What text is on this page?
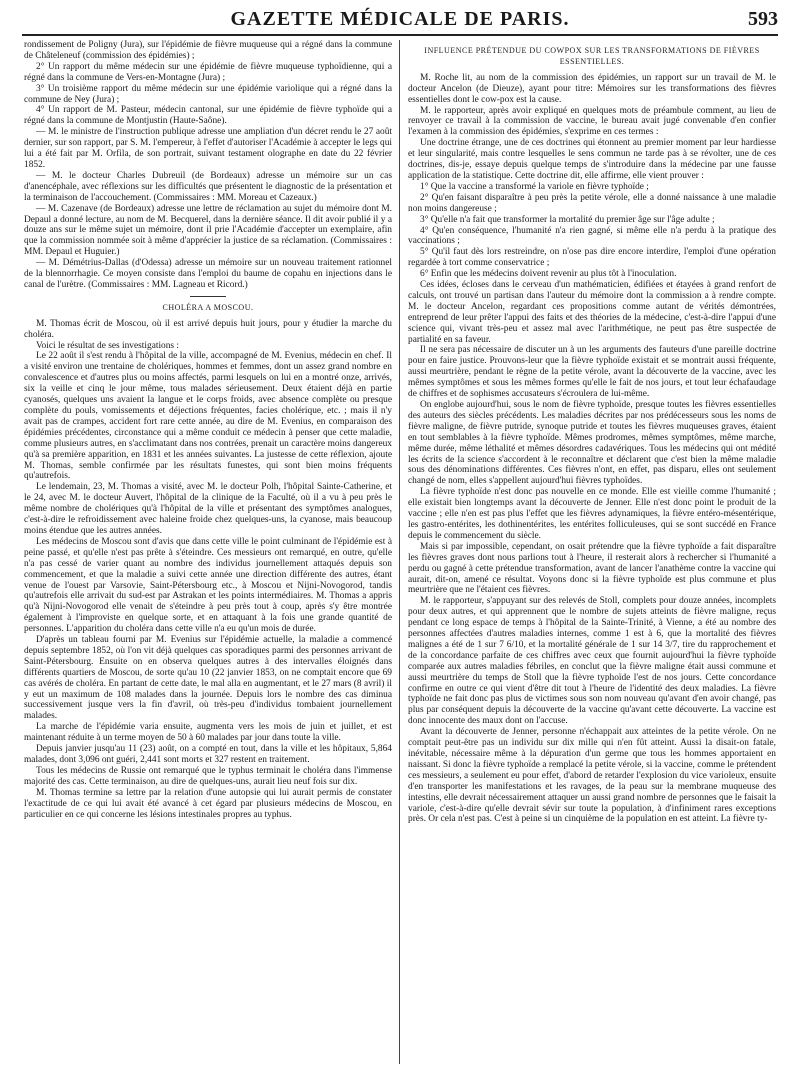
GAZETTE MÉDICALE DE PARIS.	593

rondissement de Poligny (Jura), sur l'épidémie de fièvre muqueuse qui a régné dans la commune de Châteleneuf (commission des épidémies) ;

2° Un rapport du même médecin sur une épidémie de fièvre muqueuse typhoïdienne, qui a régné dans la commune de Vers-en-Montagne (Jura) ;

3° Un troisième rapport du même médecin sur une épidémie variolique qui a régné dans la commune de Ney (Jura) ;

4° Un rapport de M. Pasteur, médecin cantonal, sur une épidémie de fièvre typhoïde qui a régné dans la commune de Montjustin (Haute-Saône).

— M. le ministre de l'instruction publique adresse une ampliation d'un décret rendu le 27 août dernier, sur son rapport, par S. M. l'empereur, à l'effet d'autoriser l'Académie à accepter le legs qui lui a été fait par M. Orfila, de son portrait, suivant testament olographe en date du 22 février 1852.

— M. le docteur Charles Dubreuil (de Bordeaux) adresse un mémoire sur un cas d'anencéphale, avec réflexions sur les difficultés que présentent le diagnostic de la présentation et la terminaison de l'accouchement. (Commissaires : MM. Moreau et Cazeaux.)

— M. Cazenave (de Bordeaux) adresse une lettre de réclamation au sujet du mémoire dont M. Depaul a donné lecture, au nom de M. Becquerel, dans la dernière séance. Il dit avoir publié il y a douze ans sur le même sujet un mémoire, dont il prie l'Académie d'accepter un exemplaire, afin que la commission nommée soit à même d'apprécier la justice de sa réclamation. (Commissaires : MM. Depaul et Huguier.)

— M. Démétrius-Dallas (d'Odessa) adresse un mémoire sur un nouveau traitement rationnel de la blennorrhagie. Ce moyen consiste dans l'emploi du baume de copahu en injections dans le canal de l'urètre. (Commissaires : MM. Lagneau et Ricord.)

CHOLÉRA A MOSCOU.

M. Thomas écrit de Moscou, où il est arrivé depuis huit jours, pour y étudier la marche du choléra.

Voici le résultat de ses investigations :

Le 22 août il s'est rendu à l'hôpital de la ville, accompagné de M. Evenius, médecin en chef. Il a visité environ une trentaine de cholériques, hommes et femmes, dont un assez grand nombre en convalescence et d'autres plus ou moins affectés, parmi lesquels on lui en a montré onze, arrivés, six la veille et cinq le jour même, tous malades sérieusement. Deux étaient déjà en partie cyanosés, quelques uns avaient la langue et le corps froids, avec absence complète ou presque complète du pouls, vomissements et déjections fréquentes, facies cholérique, etc. ; mais il n'y avait pas de crampes, accident fort rare cette année, au dire de M. Evenius, en comparaison des épidémies précédentes, circonstance qui a même conduit ce médecin à penser que cette maladie, comme plusieurs autres, en s'acclimatant dans nos contrées, prenait un caractère moins dangereux qu'à sa première apparition, en 1831 et les années suivantes. La justesse de cette réflexion, ajoute M. Thomas, semble confirmée par les résultats funestes, qui sont bien moins fréquents qu'autrefois.

Le lendemain, 23, M. Thomas a visité, avec M. le docteur Polh, l'hôpital Sainte-Catherine, et le 24, avec M. le docteur Auvert, l'hôpital de la clinique de la Faculté, où il a vu à peu près le même nombre de cholériques qu'à l'hôpital de la ville et présentant des symptômes analogues, c'est-à-dire le refroidissement avec haleine froide chez quelques-uns, la cyanose, mais beaucoup moins étendue que les autres années.

Les médecins de Moscou sont d'avis que dans cette ville le point culminant de l'épidémie est à peine passé, et qu'elle n'est pas prête à s'éteindre. Ces messieurs ont remarqué, en outre, qu'elle n'a pas cessé de varier quant au nombre des individus journellement attaqués depuis son commencement, et que la maladie a suivi cette année une direction différente des autres, étant venue de l'ouest par Varsovie, Saint-Pétersbourg etc., à Moscou et Nijni-Novogorod, tandis qu'autrefois elle arrivait du sud-est par Astrakan et les points intermédiaires. M. Thomas a appris qu'à Nijni-Novogorod elle venait de s'éteindre à peu près tout à coup, après s'y être montrée également à l'improviste en quelque sorte, et en attaquant à la fois une grande quantité de personnes. L'apparition du choléra dans cette ville n'a eu qu'un mois de durée.

D'après un tableau fourni par M. Evenius sur l'épidémie actuelle, la maladie a commencé depuis septembre 1852, où l'on vit déjà quelques cas sporadiques parmi des personnes arrivant de Saint-Pétersbourg. Ensuite on en observa quelques autres à des intervalles éloignés dans différents quartiers de Moscou, de sorte qu'au 10 (22 janvier 1853, on ne comptait encore que 69 cas avérés de choléra. En partant de cette date, le mal alla en augmentant, et le 27 mars (8 avril) il y eut un maximum de 108 malades dans la journée. Depuis lors le nombre des cas diminua successivement jusque vers la fin d'avril, où très-peu d'individus tombaient journellement malades.

La marche de l'épidémie varia ensuite, augmenta vers les mois de juin et juillet, et est maintenant réduite à un terme moyen de 50 à 60 malades par jour dans toute la ville.

Depuis janvier jusqu'au 11 (23) août, on a compté en tout, dans la ville et les hôpitaux, 5,864 malades, dont 3,096 ont guéri, 2,441 sont morts et 327 restent en traitement.

Tous les médecins de Russie ont remarqué que le typhus terminait le choléra dans l'immense majorité des cas. Cette terminaison, au dire de quelques-uns, aurait lieu neuf fois sur dix.

M. Thomas termine sa lettre par la relation d'une autopsie qui lui aurait permis de constater l'exactitude de ce qui lui avait été avancé à cet égard par plusieurs médecins de Moscou, en particulier en ce qui concerne les lésions intestinales propres au typhus.

INFLUENCE PRÉTENDUE DU COWPOX SUR LES TRANSFORMATIONS DE FIÈVRES ESSENTIELLES.

M. Roche lit, au nom de la commission des épidémies, un rapport sur un travail de M. le docteur Ancelon (de Dieuze), ayant pour titre: Mémoires sur les transformations des fièvres essentielles dont le cow-pox est la cause.

M. le rapporteur, après avoir expliqué en quelques mots de préambule comment, au lieu de renvoyer ce travail à la commission de vaccine, le bureau avait jugé convenable d'en confier l'examen à la commission des épidémies, s'exprime en ces termes :

Une doctrine étrange, une de ces doctrines qui étonnent au premier moment par leur hardiesse et leur singularité, mais contre lesquelles le sens commun ne tarde pas à se révolter, une de ces doctrines, dis-je, essaye depuis quelque temps de s'introduire dans la médecine par une fausse application de la statistique. Cette doctrine dit, elle affirme, elle vient prouver :

1° Que la vaccine a transformé la variole en fièvre typhoïde ;

2° Qu'en faisant disparaître à peu près la petite vérole, elle a donné naissance à une maladie non moins dangereuse ;

3° Qu'elle n'a fait que transformer la mortalité du premier âge sur l'âge adulte ;

4° Qu'en conséquence, l'humanité n'a rien gagné, si même elle n'a perdu à la pratique des vaccinations ;

5° Qu'il faut dès lors restreindre, on n'ose pas dire encore interdire, l'emploi d'une opération regardée à tort comme conservatrice ;

6° Enfin que les médecins doivent revenir au plus tôt à l'inoculation.

Ces idées, écloses dans le cerveau d'un mathématicien, édifiées et étayées à grand renfort de calculs, ont trouvé un partisan dans l'auteur du mémoire dont la commission a à rendre compte. M. le docteur Ancelon, regardant ces propositions comme autant de vérités démontrées, entreprend de leur prêter l'appui des faits et des théories de la médecine, c'est-à-dire l'appui d'une science qui, vivant très-peu et assez mal avec l'arithmétique, ne peut pas être suspectée de partialité en sa faveur.

Il ne sera pas nécessaire de discuter un à un les arguments des fauteurs d'une pareille doctrine pour en faire justice. Prouvons-leur que la fièvre typhoïde existait et se montrait aussi fréquente, aussi meurtrière, pendant le règne de la petite vérole, avant la découverte de la vaccine, avec les mêmes symptômes et sous les mêmes formes qu'elle le fait de nos jours, et tout leur échafaudage de chiffres et de sophismes accusateurs s'écroulera de lui-même.

On englobe aujourd'hui, sous le nom de fièvre typhoïde, presque toutes les fièvres essentielles des auteurs des siècles précédents. Les maladies décrites par nos prédécesseurs sous les noms de fièvre maligne, de fièvre putride, synoque putride et toutes les fièvres muqueuses graves, étaient en tout semblables à la fièvre typhoïde. Mêmes prodromes, mêmes symptômes, même marche, même durée, même léthalité et mêmes désordres cadavériques. Tous les médecins qui ont médité les écrits de la science s'accordent à le reconnaître et déclarent que c'est bien la même maladie sous des dénominations différentes. Ces fièvres n'ont, en effet, pas disparu, elles ont seulement changé de nom, elles s'appellent aujourd'hui fièvres typhoïdes.

La fièvre typhoïde n'est donc pas nouvelle en ce monde. Elle est vieille comme l'humanité ; elle existait bien longtemps avant la découverte de Jenner. Elle n'est donc point le produit de la vaccine ; elle n'en est pas plus l'effet que les fièvres adynamiques, la fièvre entéro-mésentérique, les gastro-entérites, les dothinentérites, les entérites folliculeuses, qui se sont succédé en France depuis le commencement du siècle.

Mais si par impossible, cependant, on osait prétendre que la fièvre typhoïde a fait disparaître les fièvres graves dont nous parlions tout à l'heure, il resterait alors à rechercher si l'humanité a perdu ou gagné à cette prétendue transformation, avant de lancer l'anathème contre la vaccine qui aurait, dit-on, amené ce résultat. Voyons donc si la fièvre typhoïde est plus commune et plus meurtrière que ne l'étaient ces fièvres.

M. le rapporteur, s'appuyant sur des relevés de Stoll, complets pour douze années, incomplets pour deux autres, et qui apprennent que le nombre de sujets atteints de fièvre maligne, reçus pendant ce long espace de temps à l'hôpital de la Sainte-Trinité, à Vienne, a été au nombre des personnes affectées d'autres maladies internes, comme 1 est à 6, que la mortalité des fièvres malignes a été de 1 sur 7 6/10, et la mortalité générale de 1 sur 14 3/7, tire du rapprochement et de la concordance parfaite de ces chiffres avec ceux que fournit aujourd'hui la fièvre typhoïde comparée aux autres maladies fébriles, en conclut que la fièvre maligne était aussi commune et aussi meurtrière du temps de Stoll que la fièvre typhoïde l'est de nos jours. Cette concordance confirme en outre ce qui vient d'être dit tout à l'heure de l'identité des deux maladies. La fièvre typhoïde ne fait donc pas plus de victimes sous son nom nouveau qu'avant d'en avoir changé, pas plus par conséquent depuis la découverte de la vaccine qu'avant cette découverte. La vaccine est donc innocente des maux dont on l'accuse.

Avant la découverte de Jenner, personne n'échappait aux atteintes de la petite vérole. On ne comptait peut-être pas un individu sur dix mille qui n'en fût atteint. Aussi la disait-on fatale, inévitable, nécessaire même à la dépuration d'un germe que tous les hommes apportaient en naissant. Si donc la fièvre typhoïde a remplacé la petite vérole, si la vaccine, comme le prétendent ces messieurs, a seulement eu pour effet, d'abord de retarder l'explosion du vice varioleux, ensuite d'en transporter les manifestations et les ravages, de la peau sur la membrane muqueuse des intestins, elle devrait nécessairement attaquer un aussi grand nombre de personnes que le faisait la variole, c'est-à-dire qu'elle devrait sévir sur toute la population, à d'infiniment rares exceptions près. Or cela n'est pas. C'est à peine si un cinquième de la population en est atteint. La fièvre ty-
